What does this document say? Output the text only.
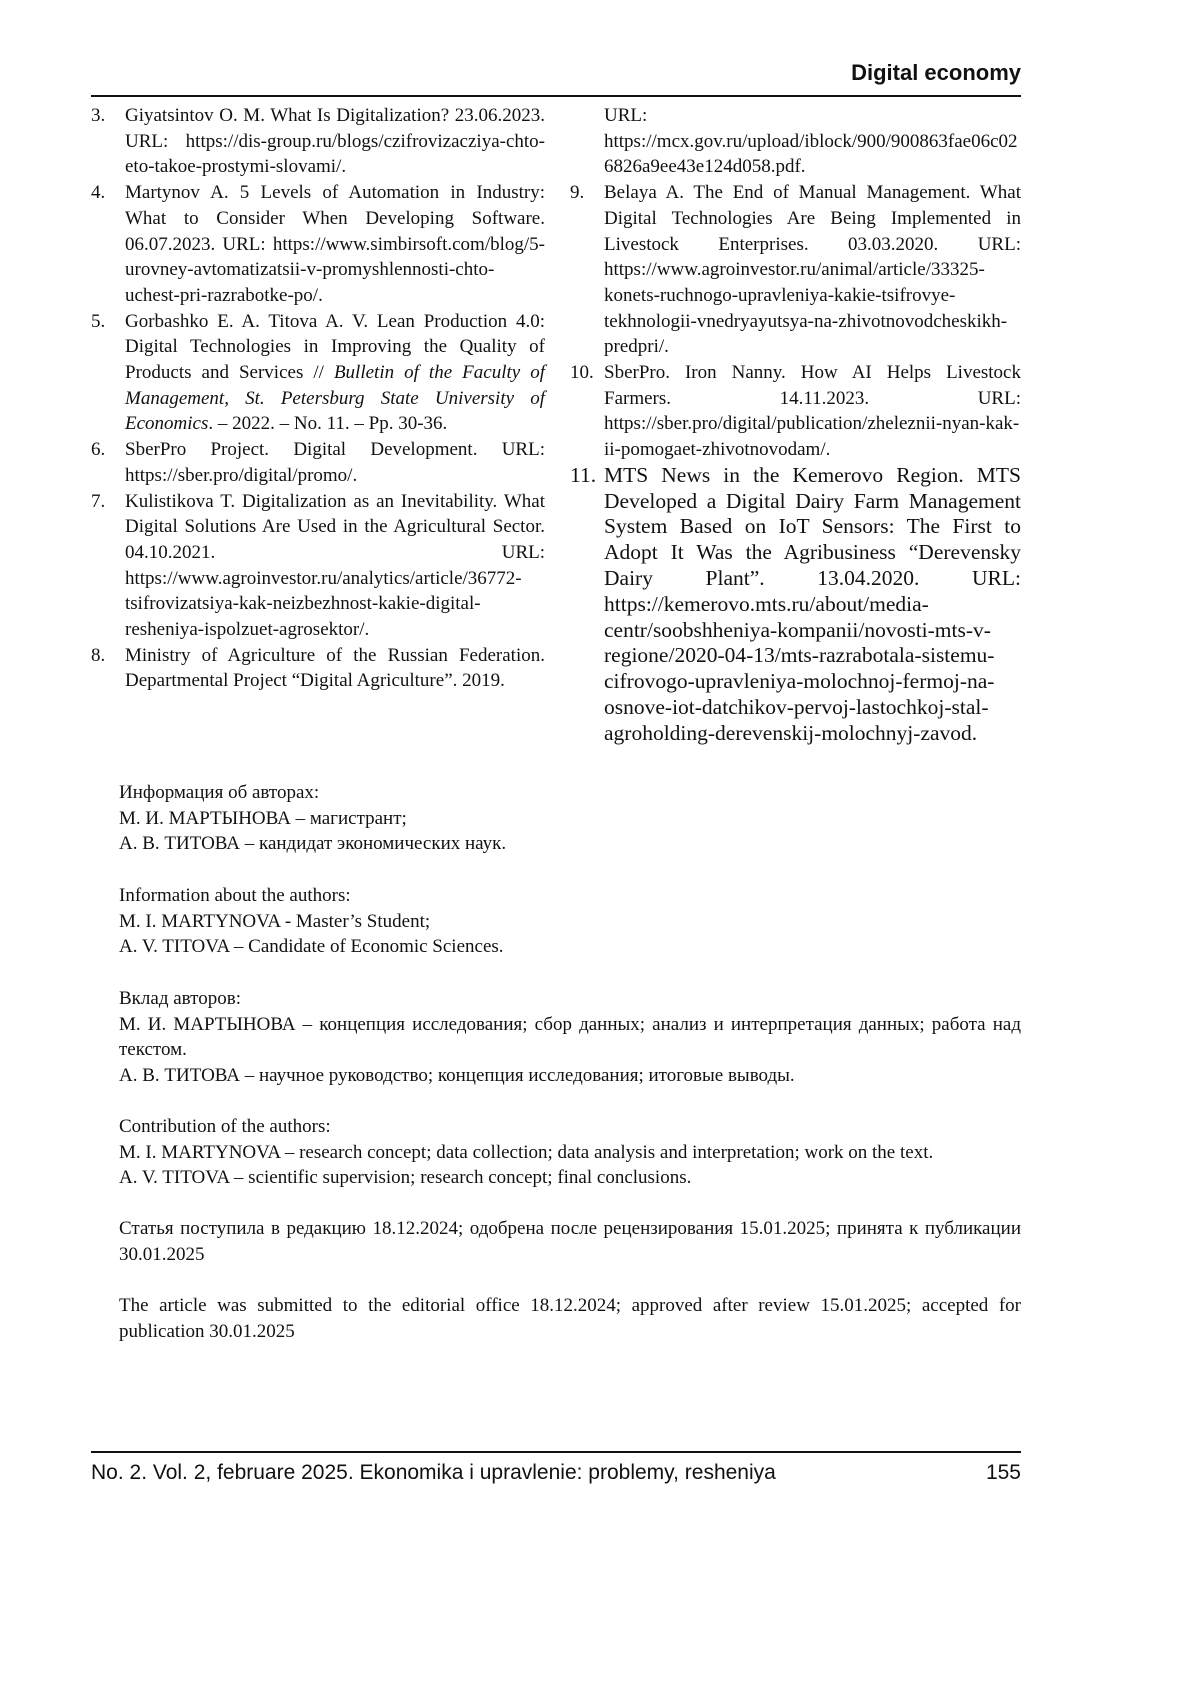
Digital economy
3.	Giyatsintov O. M. What Is Digitalization? 23.06.2023. URL: https://dis-group.ru/blogs/czifrovizacziya-chto-eto-takoe-prostymi-slovami/.
4.	Martynov A. 5 Levels of Automation in Industry: What to Consider When Developing Software. 06.07.2023. URL: https://www.simbirsoft.com/blog/5-urovney-avtomatizatsii-v-promyshlennosti-chto-uchest-pri-razrabotke-po/.
5.	Gorbashko E. A. Titova A. V. Lean Production 4.0: Digital Technologies in Improving the Quality of Products and Services // Bulletin of the Faculty of Management, St. Petersburg State University of Economics. – 2022. – No. 11. – Pp. 30-36.
6.	SberPro Project. Digital Development. URL: https://sber.pro/digital/promo/.
7.	Kulistikova T. Digitalization as an Inevitability. What Digital Solutions Are Used in the Agricultural Sector. 04.10.2021. URL: https://www.agroinvestor.ru/analytics/article/36772-tsifrovizatsiya-kak-neizbezhnost-kakie-digital-resheniya-ispolzuet-agrosektor/.
8.	Ministry of Agriculture of the Russian Federation. Departmental Project “Digital Agriculture”. 2019.
URL: https://mcx.gov.ru/upload/iblock/900/900863fae06c026826a9ee43e124d058.pdf.
9.	Belaya A. The End of Manual Management. What Digital Technologies Are Being Implemented in Livestock Enterprises. 03.03.2020. URL: https://www.agroinvestor.ru/animal/article/33325-konets-ruchnogo-upravleniya-kakie-tsifrovye-tekhnologii-vnedryayutsya-na-zhivotnovodcheskikh-predpri/.
10. SberPro. Iron Nanny. How AI Helps Livestock Farmers. 14.11.2023. URL: https://sber.pro/digital/publication/zheleznii-nyan-kak-ii-pomogaet-zhivotnovodam/.
11. MTS News in the Kemerovo Region. MTS Developed a Digital Dairy Farm Management System Based on IoT Sensors: The First to Adopt It Was the Agribusiness “Derevensky Dairy Plant”. 13.04.2020. URL: https://kemerovo.mts.ru/about/media-centr/soobshheniya-kompanii/novosti-mts-v-regione/2020-04-13/mts-razrabotala-sistemu-cifrovogo-upravleniya-molochnoj-fermoj-na-osnove-iot-datchikov-pervoj-lastochkoj-stal-agroholding-derevenskij-molochnyj-zavod.

Информация об авторах:

М. И. МАРТЫНОВА – магистрант;

А. В. ТИТОВА – кандидат экономических наук.

Information about the authors:

M. I. MARTYNOVA - Master’s Student;

A. V. TITOVA – Candidate of Economic Sciences.

Вклад авторов:

М. И. МАРТЫНОВА – концепция исследования; сбор данных; анализ и интерпретация данных; работа над текстом.

А. В. ТИТОВА – научное руководство; концепция исследования; итоговые выводы.

Contribution of the authors:

M. I. MARTYNOVA – research concept; data collection; data analysis and interpretation; work on the text.

A. V. TITOVA – scientific supervision; research concept; final conclusions.

Статья поступила в редакцию 18.12.2024; одобрена после рецензирования 15.01.2025; принята к публикации 30.01.2025

The article was submitted to the editorial office 18.12.2024; approved after review 15.01.2025; accepted for publication 30.01.2025

No. 2. Vol. 2, februare 2025. Ekonomika i upravlenie: problemy, resheniya	155
